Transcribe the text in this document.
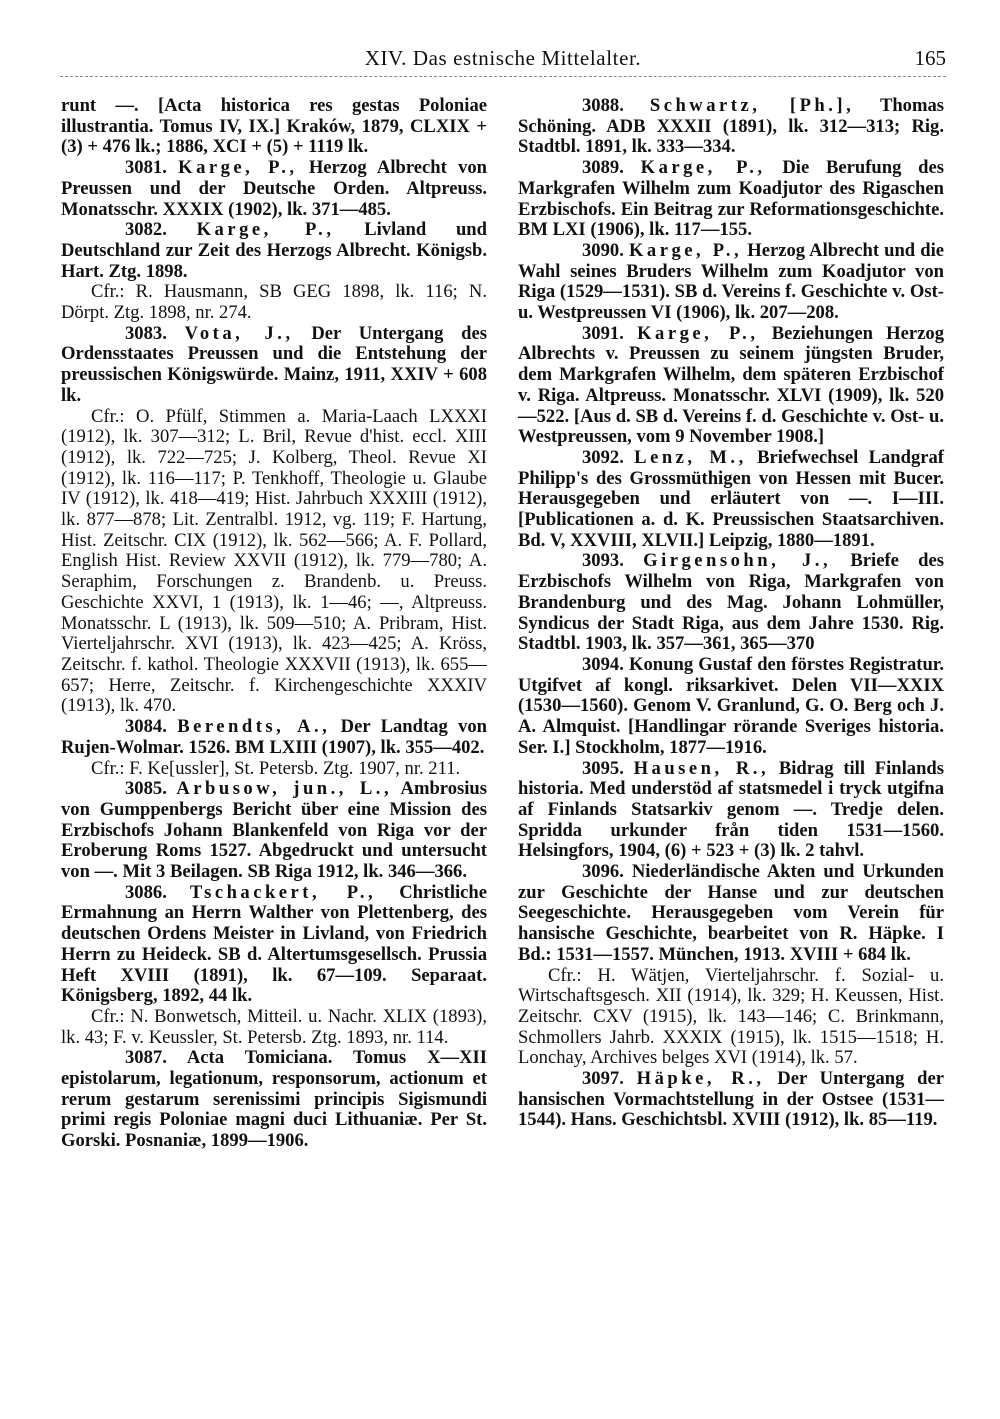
XIV. Das estnische Mittelalter.	165

runt —. [Acta historica res gestas Poloniae illustrantia. Tomus IV, IX.] Kraków, 1879, CLXIX + (3) + 476 lk.; 1886, XCI + (5) + 1119 lk.

3081. Karge, P., Herzog Albrecht von Preussen und der Deutsche Orden. Altpreuss. Monatsschr. XXXIX (1902), lk. 371—485.

3082. Karge, P., Livland und Deutschland zur Zeit des Herzogs Albrecht. Königsb. Hart. Ztg. 1898.

Cfr.: R. Hausmann, SB GEG 1898, lk. 116; N. Dörpt. Ztg. 1898, nr. 274.

3083. Vota, J., Der Untergang des Ordensstaates Preussen und die Entstehung der preussischen Königswürde. Mainz, 1911, XXIV + 608 lk.

Cfr.: O. Pfülf, Stimmen a. Maria-Laach LXXXI (1912), lk. 307—312; L. Bril, Revue d'hist. eccl. XIII (1912), lk. 722—725; J. Kolberg, Theol. Revue XI (1912), lk. 116—117; P. Tenkhoff, Theologie u. Glaube IV (1912), lk. 418—419; Hist. Jahrbuch XXXIII (1912), lk. 877—878; Lit. Zentralbl. 1912, vg. 119; F. Hartung, Hist. Zeitschr. CIX (1912), lk. 562—566; A. F. Pollard, English Hist. Review XXVII (1912), lk. 779—780; A. Seraphim, Forschungen z. Brandenb. u. Preuss. Geschichte XXVI, 1 (1913), lk. 1—46; —, Altpreuss. Monatsschr. L (1913), lk. 509—510; A. Pribram, Hist. Vierteljahrschr. XVI (1913), lk. 423—425; A. Kröss, Zeitschr. f. kathol. Theologie XXXVII (1913), lk. 655—657; Herre, Zeitschr. f. Kirchengeschichte XXXIV (1913), lk. 470.

3084. Berendts, A., Der Landtag von Rujen-Wolmar. 1526. BM LXIII (1907), lk. 355—402.

Cfr.: F. Ke[ussler], St. Petersb. Ztg. 1907, nr. 211.

3085. Arbusow, jun., L., Ambrosius von Gumppenbergs Bericht über eine Mission des Erzbischofs Johann Blankenfeld von Riga vor der Eroberung Roms 1527. Abgedruckt und untersucht von —. Mit 3 Beilagen. SB Riga 1912, lk. 346—366.

3086. Tschackert, P., Christliche Ermahnung an Herrn Walther von Plettenberg, des deutschen Ordens Meister in Livland, von Friedrich Herrn zu Heideck. SB d. Altertumsgesellsch. Prussia Heft XVIII (1891), lk. 67—109. Separaat. Königsberg, 1892, 44 lk.

Cfr.: N. Bonwetsch, Mitteil. u. Nachr. XLIX (1893), lk. 43; F. v. Keussler, St. Petersb. Ztg. 1893, nr. 114.

3087. Acta Tomiciana. Tomus X—XII epistolarum, legationum, responsorum, actionum et rerum gestarum serenissimi principis Sigismundi primi regis Poloniae magni duci Lithuaniæ. Per St. Gorski. Posnaniæ, 1899—1906.

3088. Schwartz, [Ph.], Thomas Schöning. ADB XXXII (1891), lk. 312—313; Rig. Stadtbl. 1891, lk. 333—334.

3089. Karge, P., Die Berufung des Markgrafen Wilhelm zum Koadjutor des Rigaschen Erzbischofs. Ein Beitrag zur Reformationsgeschichte. BM LXI (1906), lk. 117—155.

3090. Karge, P., Herzog Albrecht und die Wahl seines Bruders Wilhelm zum Koadjutor von Riga (1529—1531). SB d. Vereins f. Geschichte v. Ost- u. Westpreussen VI (1906), lk. 207—208.

3091. Karge, P., Beziehungen Herzog Albrechts v. Preussen zu seinem jüngsten Bruder, dem Markgrafen Wilhelm, dem späteren Erzbischof v. Riga. Altpreuss. Monatsschr. XLVI (1909), lk. 520—522. [Aus d. SB d. Vereins f. d. Geschichte v. Ost- u. Westpreussen, vom 9 November 1908.]

3092. Lenz, M., Briefwechsel Landgraf Philipp's des Grossmüthigen von Hessen mit Bucer. Herausgegeben und erläutert von —. I—III. [Publicationen a. d. K. Preussischen Staatsarchiven. Bd. V, XXVIII, XLVII.] Leipzig, 1880—1891.

3093. Girgensohn, J., Briefe des Erzbischofs Wilhelm von Riga, Markgrafen von Brandenburg und des Mag. Johann Lohmüller, Syndicus der Stadt Riga, aus dem Jahre 1530. Rig. Stadtbl. 1903, lk. 357—361, 365—370

3094. Konung Gustaf den förstes Registratur. Utgifvet af kongl. riksarkivet. Delen VII—XXIX (1530—1560). Genom V. Granlund, G. O. Berg och J. A. Almquist. [Handlingar rörande Sveriges historia. Ser. I.] Stockholm, 1877—1916.

3095. Hausen, R., Bidrag till Finlands historia. Med understöd af statsmedel i tryck utgifna af Finlands Statsarkiv genom —. Tredje delen. Spridda urkunder från tiden 1531—1560. Helsingfors, 1904, (6) + 523 + (3) lk. 2 tahvl.

3096. Niederländische Akten und Urkunden zur Geschichte der Hanse und zur deutschen Seegeschichte. Herausgegeben vom Verein für hansische Geschichte, bearbeitet von R. Häpke. I Bd.: 1531—1557. München, 1913. XVIII + 684 lk.

Cfr.: H. Wätjen, Vierteljahrschr. f. Sozial- u. Wirtschaftsgesch. XII (1914), lk. 329; H. Keussen, Hist. Zeitschr. CXV (1915), lk. 143—146; C. Brinkmann, Schmollers Jahrb. XXXIX (1915), lk. 1515—1518; H. Lonchay, Archives belges XVI (1914), lk. 57.

3097. Häpke, R., Der Untergang der hansischen Vormachtstellung in der Ostsee (1531—1544). Hans. Geschichtsbl. XVIII (1912), lk. 85—119.
